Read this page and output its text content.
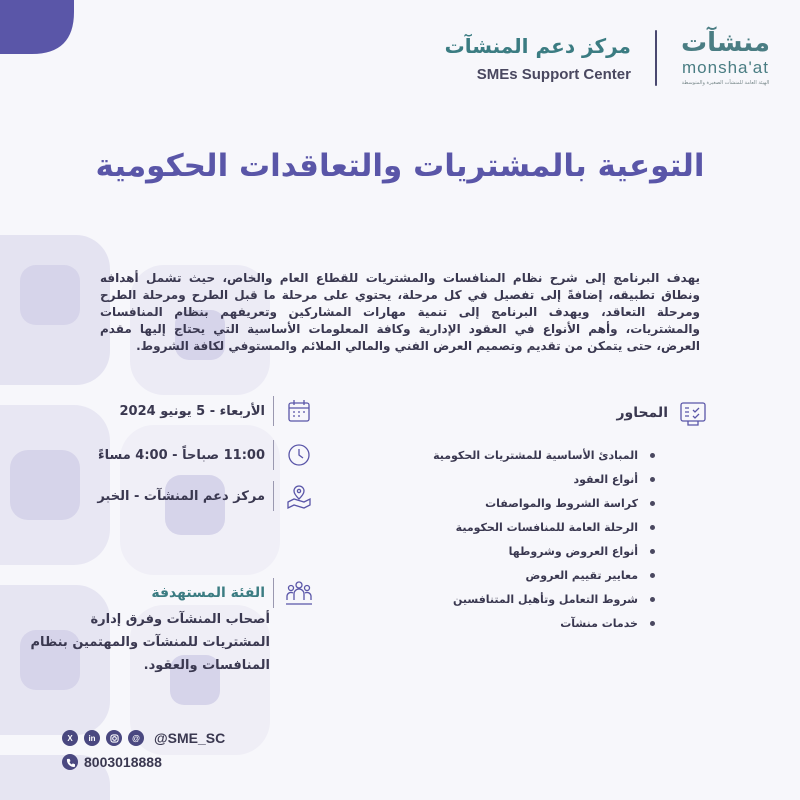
مركز دعم المنشآت
SMEs Support Center
منشآت
monsha'at
الهيئة العامة للمنشآت الصغيرة والمتوسطة
التوعية بالمشتريات والتعاقدات الحكومية

يهدف البرنامج إلى شرح نظام المنافسات والمشتريات للقطاع العام والخاص، حيث تشمل أهدافه ونطاق تطبيقه، إضافةً إلى تفصيل في كل مرحلة، يحتوي على مرحلة ما قبل الطرح ومرحلة الطرح ومرحلة التعاقد، ويهدف البرنامج إلى تنمية مهارات المشاركين وتعريفهم بنظام المنافسات والمشتريات، وأهم الأنواع في العقود الإدارية وكافة المعلومات الأساسية التي يحتاج إليها مقدم العرض، حتى يتمكن من تقديم وتصميم العرض الفني والمالي الملائم والمستوفي لكافة الشروط.

المحاور
المبادئ الأساسية للمشتريات الحكومية
أنواع العقود
كراسة الشروط والمواصفات
الرحلة العامة للمنافسات الحكومية
أنواع العروض وشروطها
معايير تقييم العروض
شروط التعامل وتأهيل المتنافسين
خدمات منشآت
الأربعاء - 5 يونيو 2024
11:00 صباحاً - 4:00 مساءً
مركز دعم المنشآت - الخبر
الفئة المستهدفة

أصحاب المنشآت وفرق إدارة المشتريات للمنشآت والمهتمين بنظام المنافسات والعقود.

X	in	@ @SME_SC
8003018888
